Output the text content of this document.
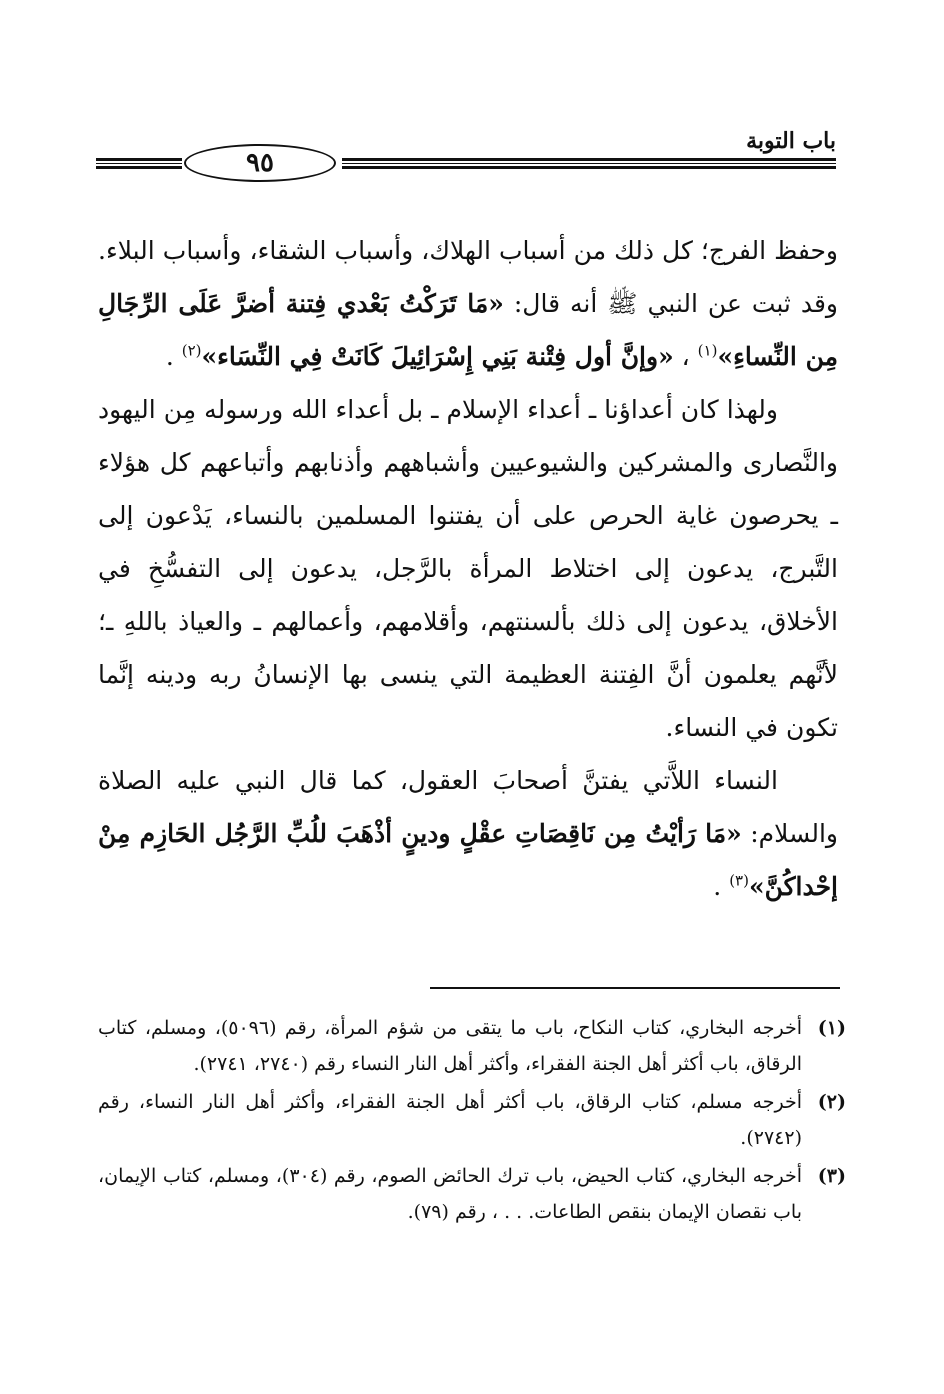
باب التوبة
٩٥

وحفظ الفرج؛ كل ذلك من أسباب الهلاك، وأسباب الشقاء، وأسباب البلاء. وقد ثبت عن النبي ﷺ أنه قال: «مَا تَرَكْتُ بَعْدي فِتنة أضرَّ عَلَى الرِّجَالِ مِن النِّساءِ»$^{(١)}$ ، «وإنَّ أول فِتْنة بَنِي إِسْرَائِيلَ كَانَتْ فِي النِّسَاء»$^{(٢)}$ .

ولهذا كان أعداؤنا ـ أعداء الإسلام ـ بل أعداء الله ورسوله مِن اليهود والنَّصارى والمشركين والشيوعيين وأشباههم وأذنابهم وأتباعهم كل هؤلاء ـ يحرصون غاية الحرص على أن يفتنوا المسلمين بالنساء، يَدْعون إلى التَّبرج، يدعون إلى اختلاط المرأة بالرَّجل، يدعون إلى التفسُّخِ في الأخلاق، يدعون إلى ذلك بألسنتهم، وأقلامهم، وأعمالهم ـ والعياذ باللهِ ـ؛ لأنَّهم يعلمون أنَّ الفِتنة العظيمة التي ينسى بها الإنسانُ ربه ودينه إنَّما تكون في النساء.

النساء اللاَّتي يفتنَّ أصحابَ العقول، كما قال النبي عليه الصلاة والسلام: «مَا رَأيْتُ مِن نَاقِصَاتِ عقْلٍ ودينٍ أذْهَبَ للُبِّ الرَّجُل الحَازِم مِنْ إحْداكُنَّ»$^{(٣)}$ .

(١)
أخرجه البخاري، كتاب النكاح، باب ما يتقى من شؤم المرأة، رقم (٥٠٩٦)، ومسلم، كتاب الرقاق، باب أكثر أهل الجنة الفقراء، وأكثر أهل النار النساء رقم (٢٧٤٠، ٢٧٤١).
(٢)
أخرجه مسلم، كتاب الرقاق، باب أكثر أهل الجنة الفقراء، وأكثر أهل النار النساء، رقم (٢٧٤٢).
(٣)
أخرجه البخاري، كتاب الحيض، باب ترك الحائض الصوم، رقم (٣٠٤)، ومسلم، كتاب الإيمان، باب نقصان الإيمان بنقص الطاعات. . . ، رقم (٧٩).
